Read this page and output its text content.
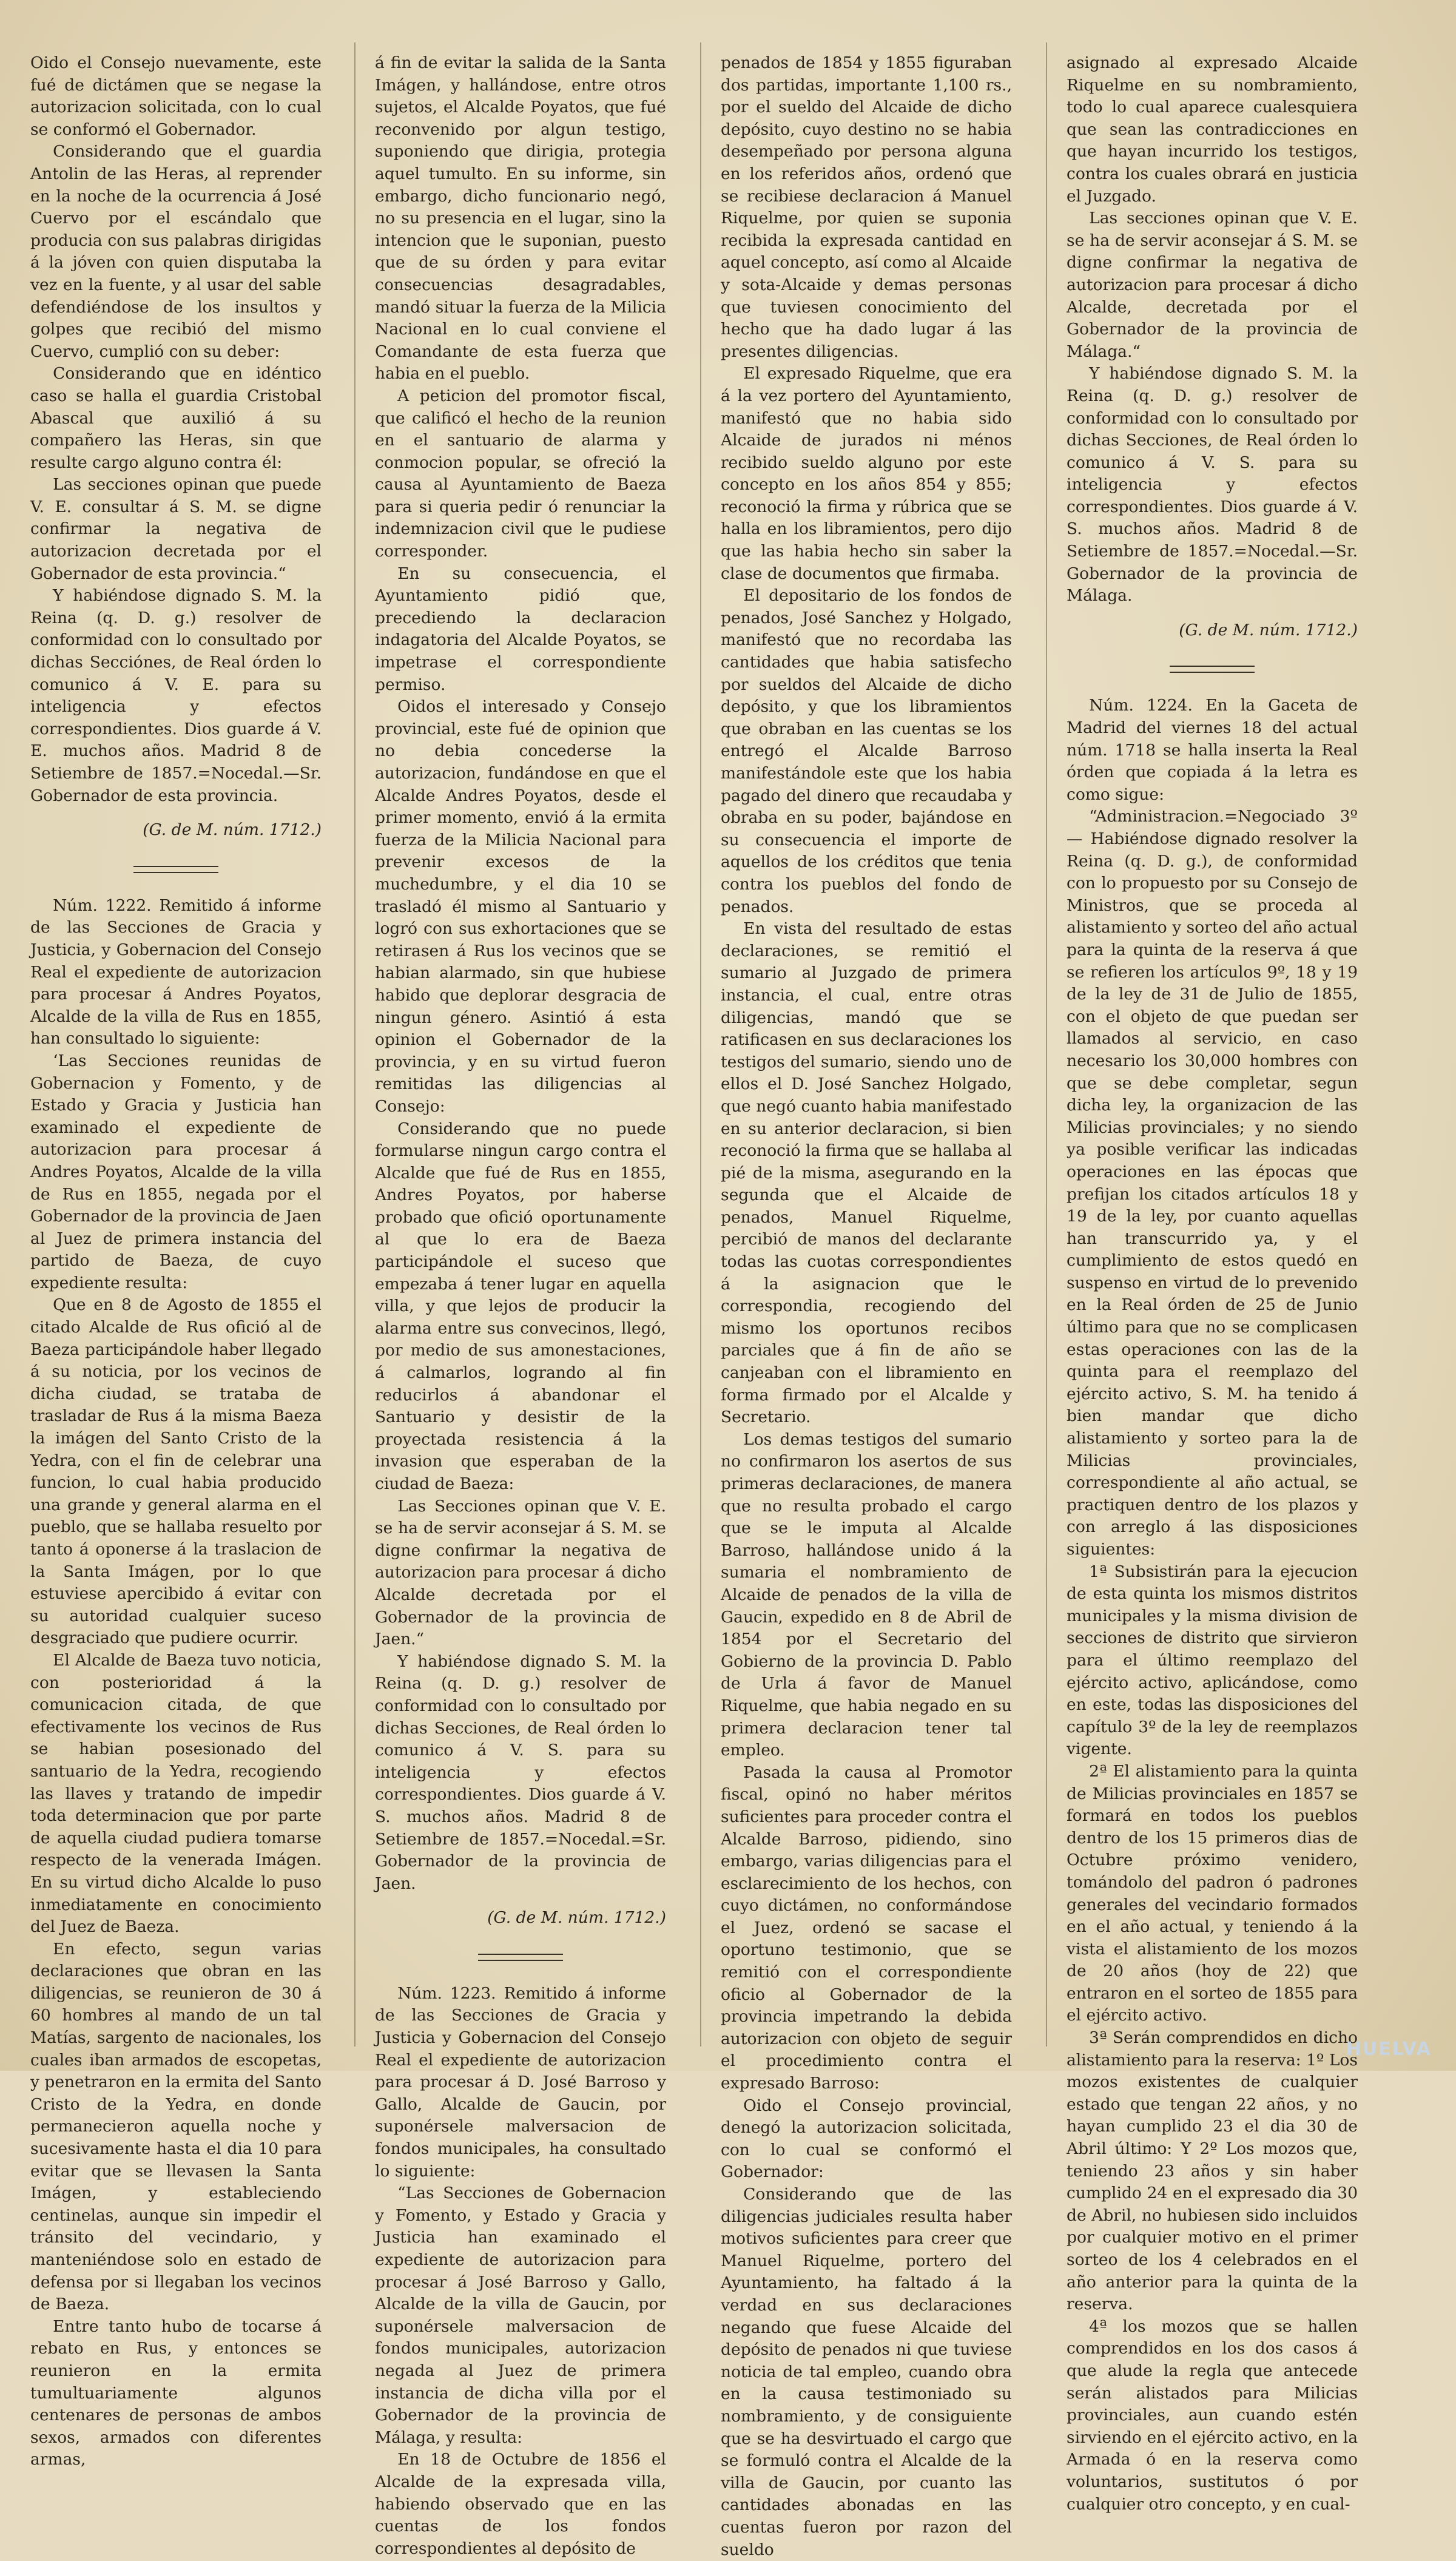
Oido el Consejo nuevamente, este fué de dictámen que se negase la autorizacion solicitada, con lo cual se conformó el Gobernador.

Considerando que el guardia Antolin de las Heras, al reprender en la noche de la ocurrencia á José Cuervo por el escándalo que producia con sus palabras dirigidas á la jóven con quien disputaba la vez en la fuente, y al usar del sable defendiéndose de los insultos y golpes que recibió del mismo Cuervo, cumplió con su deber:

Considerando que en idéntico caso se halla el guardia Cristobal Abascal que auxilió á su compañero las Heras, sin que resulte cargo alguno contra él:

Las secciones opinan que puede V. E. consultar á S. M. se digne confirmar la negativa de autorizacion decretada por el Gobernador de esta provincia.“

Y habiéndose dignado S. M. la Reina (q. D. g.) resolver de conformidad con lo consultado por dichas Secciónes, de Real órden lo comunico á V. E. para su inteligencia y efectos correspondientes. Dios guarde á V. E. muchos años. Madrid 8 de Setiembre de 1857.=Nocedal.—Sr. Gobernador de esta provincia.

(G. de M. núm. 1712.)

Núm. 1222. Remitido á informe de las Secciones de Gracia y Justicia, y Gobernacion del Consejo Real el expediente de autorizacion para procesar á Andres Poyatos, Alcalde de la villa de Rus en 1855, han consultado lo siguiente:

‘Las Secciones reunidas de Gobernacion y Fomento, y de Estado y Gracia y Justicia han examinado el expediente de autorizacion para procesar á Andres Poyatos, Alcalde de la villa de Rus en 1855, negada por el Gobernador de la provincia de Jaen al Juez de primera instancia del partido de Baeza, de cuyo expediente resulta:

Que en 8 de Agosto de 1855 el citado Alcalde de Rus ofició al de Baeza participándole haber llegado á su noticia, por los vecinos de dicha ciudad, se trataba de trasladar de Rus á la misma Baeza la imágen del Santo Cristo de la Yedra, con el fin de celebrar una funcion, lo cual habia producido una grande y general alarma en el pueblo, que se hallaba resuelto por tanto á oponerse á la traslacion de la Santa Imágen, por lo que estuviese apercibido á evitar con su autoridad cualquier suceso desgraciado que pudiere ocurrir.

El Alcalde de Baeza tuvo noticia, con posterioridad á la comunicacion citada, de que efectivamente los vecinos de Rus se habian posesionado del santuario de la Yedra, recogiendo las llaves y tratando de impedir toda determinacion que por parte de aquella ciudad pudiera tomarse respecto de la venerada Imágen. En su virtud dicho Alcalde lo puso inmediatamente en conocimiento del Juez de Baeza.

En efecto, segun varias declaraciones que obran en las diligencias, se reunieron de 30 á 60 hombres al mando de un tal Matías, sargento de nacionales, los cuales iban armados de escopetas, y penetraron en la ermita del Santo Cristo de la Yedra, en donde permanecieron aquella noche y sucesivamente hasta el dia 10 para evitar que se llevasen la Santa Imágen, y estableciendo centinelas, aunque sin impedir el tránsito del vecindario, y manteniéndose solo en estado de defensa por si llegaban los vecinos de Baeza.

Entre tanto hubo de tocarse á rebato en Rus, y entonces se reunieron en la ermita tumultuariamente algunos centenares de personas de ambos sexos, armados con diferentes armas,

á fin de evitar la salida de la Santa Imágen, y hallándose, entre otros sujetos, el Alcalde Poyatos, que fué reconvenido por algun testigo, suponiendo que dirigia, protegia aquel tumulto. En su informe, sin embargo, dicho funcionario negó, no su presencia en el lugar, sino la intencion que le suponian, puesto que de su órden y para evitar consecuencias desagradables, mandó situar la fuerza de la Milicia Nacional en lo cual conviene el Comandante de esta fuerza que habia en el pueblo.

A peticion del promotor fiscal, que calificó el hecho de la reunion en el santuario de alarma y conmocion popular, se ofreció la causa al Ayuntamiento de Baeza para si queria pedir ó renunciar la indemnizacion civil que le pudiese corresponder.

En su consecuencia, el Ayuntamiento pidió que, precediendo la declaracion indagatoria del Alcalde Poyatos, se impetrase el correspondiente permiso.

Oidos el interesado y Consejo provincial, este fué de opinion que no debia concederse la autorizacion, fundándose en que el Alcalde Andres Poyatos, desde el primer momento, envió á la ermita fuerza de la Milicia Nacional para prevenir excesos de la muchedumbre, y el dia 10 se trasladó él mismo al Santuario y logró con sus exhortaciones que se retirasen á Rus los vecinos que se habian alarmado, sin que hubiese habido que deplorar desgracia de ningun género. Asintió á esta opinion el Gobernador de la provincia, y en su virtud fueron remitidas las diligencias al Consejo:

Considerando que no puede formularse ningun cargo contra el Alcalde que fué de Rus en 1855, Andres Poyatos, por haberse probado que ofició oportunamente al que lo era de Baeza participándole el suceso que empezaba á tener lugar en aquella villa, y que lejos de producir la alarma entre sus convecinos, llegó, por medio de sus amonestaciones, á calmarlos, logrando al fin reducirlos á abandonar el Santuario y desistir de la proyectada resistencia á la invasion que esperaban de la ciudad de Baeza:

Las Secciones opinan que V. E. se ha de servir aconsejar á S. M. se digne confirmar la negativa de autorizacion para procesar á dicho Alcalde decretada por el Gobernador de la provincia de Jaen.“

Y habiéndose dignado S. M. la Reina (q. D. g.) resolver de conformidad con lo consultado por dichas Secciones, de Real órden lo comunico á V. S. para su inteligencia y efectos correspondientes. Dios guarde á V. S. muchos años. Madrid 8 de Setiembre de 1857.=Nocedal.=Sr. Gobernador de la provincia de Jaen.

(G. de M. núm. 1712.)

Núm. 1223. Remitido á informe de las Secciones de Gracia y Justicia y Gobernacion del Consejo Real el expediente de autorizacion para procesar á D. José Barroso y Gallo, Alcalde de Gaucin, por suponérsele malversacion de fondos municipales, ha consultado lo siguiente:

“Las Secciones de Gobernacion y Fomento, y Estado y Gracia y Justicia han examinado el expediente de autorizacion para procesar á José Barroso y Gallo, Alcalde de la villa de Gaucin, por suponérsele malversacion de fondos municipales, autorizacion negada al Juez de primera instancia de dicha villa por el Gobernador de la provincia de Málaga, y resulta:

En 18 de Octubre de 1856 el Alcalde de la expresada villa, habiendo observado que en las cuentas de los fondos correspondientes al depósito de

penados de 1854 y 1855 figuraban dos partidas, importante 1,100 rs., por el sueldo del Alcaide de dicho depósito, cuyo destino no se habia desempeñado por persona alguna en los referidos años, ordenó que se recibiese declaracion á Manuel Riquelme, por quien se suponia recibida la expresada cantidad en aquel concepto, así como al Alcaide y sota-Alcaide y demas personas que tuviesen conocimiento del hecho que ha dado lugar á las presentes diligencias.

El expresado Riquelme, que era á la vez portero del Ayuntamiento, manifestó que no habia sido Alcaide de jurados ni ménos recibido sueldo alguno por este concepto en los años 854 y 855; reconoció la firma y rúbrica que se halla en los libramientos, pero dijo que las habia hecho sin saber la clase de documentos que firmaba.

El depositario de los fondos de penados, José Sanchez y Holgado, manifestó que no recordaba las cantidades que habia satisfecho por sueldos del Alcaide de dicho depósito, y que los libramientos que obraban en las cuentas se los entregó el Alcalde Barroso manifestándole este que los habia pagado del dinero que recaudaba y obraba en su poder, bajándose en su consecuencia el importe de aquellos de los créditos que tenia contra los pueblos del fondo de penados.

En vista del resultado de estas declaraciones, se remitió el sumario al Juzgado de primera instancia, el cual, entre otras diligencias, mandó que se ratificasen en sus declaraciones los testigos del sumario, siendo uno de ellos el D. José Sanchez Holgado, que negó cuanto habia manifestado en su anterior declaracion, si bien reconoció la firma que se hallaba al pié de la misma, asegurando en la segunda que el Alcaide de penados, Manuel Riquelme, percibió de manos del declarante todas las cuotas correspondientes á la asignacion que le correspondia, recogiendo del mismo los oportunos recibos parciales que á fin de año se canjeaban con el libramiento en forma firmado por el Alcalde y Secretario.

Los demas testigos del sumario no confirmaron los asertos de sus primeras declaraciones, de manera que no resulta probado el cargo que se le imputa al Alcalde Barroso, hallándose unido á la sumaria el nombramiento de Alcaide de penados de la villa de Gaucin, expedido en 8 de Abril de 1854 por el Secretario del Gobierno de la provincia D. Pablo de Urla á favor de Manuel Riquelme, que habia negado en su primera declaracion tener tal empleo.

Pasada la causa al Promotor fiscal, opinó no haber méritos suficientes para proceder contra el Alcalde Barroso, pidiendo, sino embargo, varias diligencias para el esclarecimiento de los hechos, con cuyo dictámen, no conformándose el Juez, ordenó se sacase el oportuno testimonio, que se remitió con el correspondiente oficio al Gobernador de la provincia impetrando la debida autorizacion con objeto de seguir el procedimiento contra el expresado Barroso:

Oido el Consejo provincial, denegó la autorizacion solicitada, con lo cual se conformó el Gobernador:

Considerando que de las diligencias judiciales resulta haber motivos suficientes para creer que Manuel Riquelme, portero del Ayuntamiento, ha faltado á la verdad en sus declaraciones negando que fuese Alcaide del depósito de penados ni que tuviese noticia de tal empleo, cuando obra en la causa testimoniado su nombramiento, y de consiguiente que se ha desvirtuado el cargo que se formuló contra el Alcalde de la villa de Gaucin, por cuanto las cantidades abonadas en las cuentas fueron por razon del sueldo

asignado al expresado Alcaide Riquelme en su nombramiento, todo lo cual aparece cualesquiera que sean las contradicciones en que hayan incurrido los testigos, contra los cuales obrará en justicia el Juzgado.

Las secciones opinan que V. E. se ha de servir aconsejar á S. M. se digne confirmar la negativa de autorizacion para procesar á dicho Alcalde, decretada por el Gobernador de la provincia de Málaga.“

Y habiéndose dignado S. M. la Reina (q. D. g.) resolver de conformidad con lo consultado por dichas Secciones, de Real órden lo comunico á V. S. para su inteligencia y efectos correspondientes. Dios guarde á V. S. muchos años. Madrid 8 de Setiembre de 1857.=Nocedal.—Sr. Gobernador de la provincia de Málaga.

(G. de M. núm. 1712.)

Núm. 1224. En la Gaceta de Madrid del viernes 18 del actual núm. 1718 se halla inserta la Real órden que copiada á la letra es como sigue:

“Administracion.=Negociado 3º— Habiéndose dignado resolver la Reina (q. D. g.), de conformidad con lo propuesto por su Consejo de Ministros, que se proceda al alistamiento y sorteo del año actual para la quinta de la reserva á que se refieren los artículos 9º, 18 y 19 de la ley de 31 de Julio de 1855, con el objeto de que puedan ser llamados al servicio, en caso necesario los 30,000 hombres con que se debe completar, segun dicha ley, la organizacion de las Milicias provinciales; y no siendo ya posible verificar las indicadas operaciones en las épocas que prefijan los citados artículos 18 y 19 de la ley, por cuanto aquellas han transcurrido ya, y el cumplimiento de estos quedó en suspenso en virtud de lo prevenido en la Real órden de 25 de Junio último para que no se complicasen estas operaciones con las de la quinta para el reemplazo del ejército activo, S. M. ha tenido á bien mandar que dicho alistamiento y sorteo para la de Milicias provinciales, correspondiente al año actual, se practiquen dentro de los plazos y con arreglo á las disposiciones siguientes:

1ª Subsistirán para la ejecucion de esta quinta los mismos distritos municipales y la misma division de secciones de distrito que sirvieron para el último reemplazo del ejército activo, aplicándose, como en este, todas las disposiciones del capítulo 3º de la ley de reemplazos vigente.

2ª El alistamiento para la quinta de Milicias provinciales en 1857 se formará en todos los pueblos dentro de los 15 primeros dias de Octubre próximo venidero, tomándolo del padron ó padrones generales del vecindario formados en el año actual, y teniendo á la vista el alistamiento de los mozos de 20 años (hoy de 22) que entraron en el sorteo de 1855 para el ejército activo.

3ª Serán comprendidos en dicho alistamiento para la reserva: 1º Los mozos existentes de cualquier estado que tengan 22 años, y no hayan cumplido 23 el dia 30 de Abril último: Y 2º Los mozos que, teniendo 23 años y sin haber cumplido 24 en el expresado dia 30 de Abril, no hubiesen sido incluidos por cualquier motivo en el primer sorteo de los 4 celebrados en el año anterior para la quinta de la reserva.

4ª los mozos que se hallen comprendidos en los dos casos á que alude la regla que antecede serán alistados para Milicias provinciales, aun cuando estén sirviendo en el ejército activo, en la Armada ó en la reserva como voluntarios, sustitutos ó por cualquier otro concepto, y en cual-

HUELVA
